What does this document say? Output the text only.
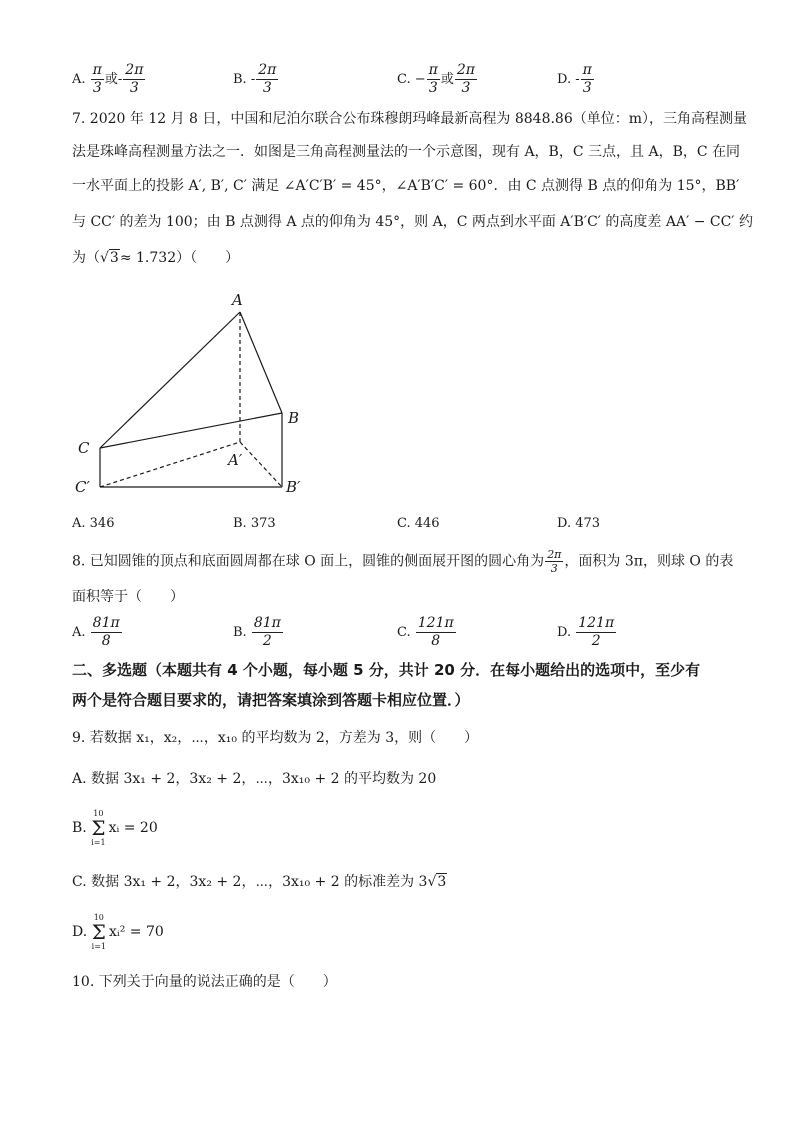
A. $\frac{\pi}{3}$ 或- $\frac{2\pi}{3}$	B. - $\frac{2\pi}{3}$	C. − $\frac{\pi}{3}$ 或 $\frac{2\pi}{3}$	D. - $\frac{\pi}{3}$
7. 2020 年 12 月 8 日，中国和尼泊尔联合公布珠穆朗玛峰最新高程为 8848.86（单位：m），三角高程测量
法是珠峰高程测量方法之一．如图是三角高程测量法的一个示意图，现有 A，B，C 三点，且 A，B，C 在同
一水平面上的投影 A′, B′, C′ 满足 ∠A′C′B′ = 45°，∠A′B′C′ = 60°．由 C 点测得 B 点的仰角为 15°，BB′
与 CC′ 的差为 100；由 B 点测得 A 点的仰角为 45°，则 A，C 两点到水平面 A′B′C′ 的高度差 AA′ − CC′ 约
为（√3≈ 1.732）（　　）
A
B
C
A′
B′
C′
A. 346	B. 373	C. 446	D. 473
8. 已知圆锥的顶点和底面圆周都在球 O 面上，圆锥的侧面展开图的圆心角为 $\frac{2\pi}{3}$ ，面积为 3π，则球 O 的表
面积等于（　　）
A. $\frac{81\pi}{8}$	B. $\frac{81\pi}{2}$	C. $\frac{121\pi}{8}$	D. $\frac{121\pi}{2}$
二、多选题（本题共有 4 个小题，每小题 5 分，共计 20 分．在每小题给出的选项中，至少有
两个是符合题目要求的，请把答案填涂到答题卡相应位置．）
9. 若数据 x₁，x₂，⋯，x₁₀ 的平均数为 2，方差为 3，则（　　）
A. 数据 3x₁ + 2，3x₂ + 2，⋯，3x₁₀ + 2 的平均数为 20
B.
10
Σ
i=1
xᵢ = 20
C. 数据 3x₁ + 2，3x₂ + 2，⋯，3x₁₀ + 2 的标准差为 3√3
D.
10
Σ
i=1
xᵢ² = 70
10. 下列关于向量的说法正确的是（　　）
